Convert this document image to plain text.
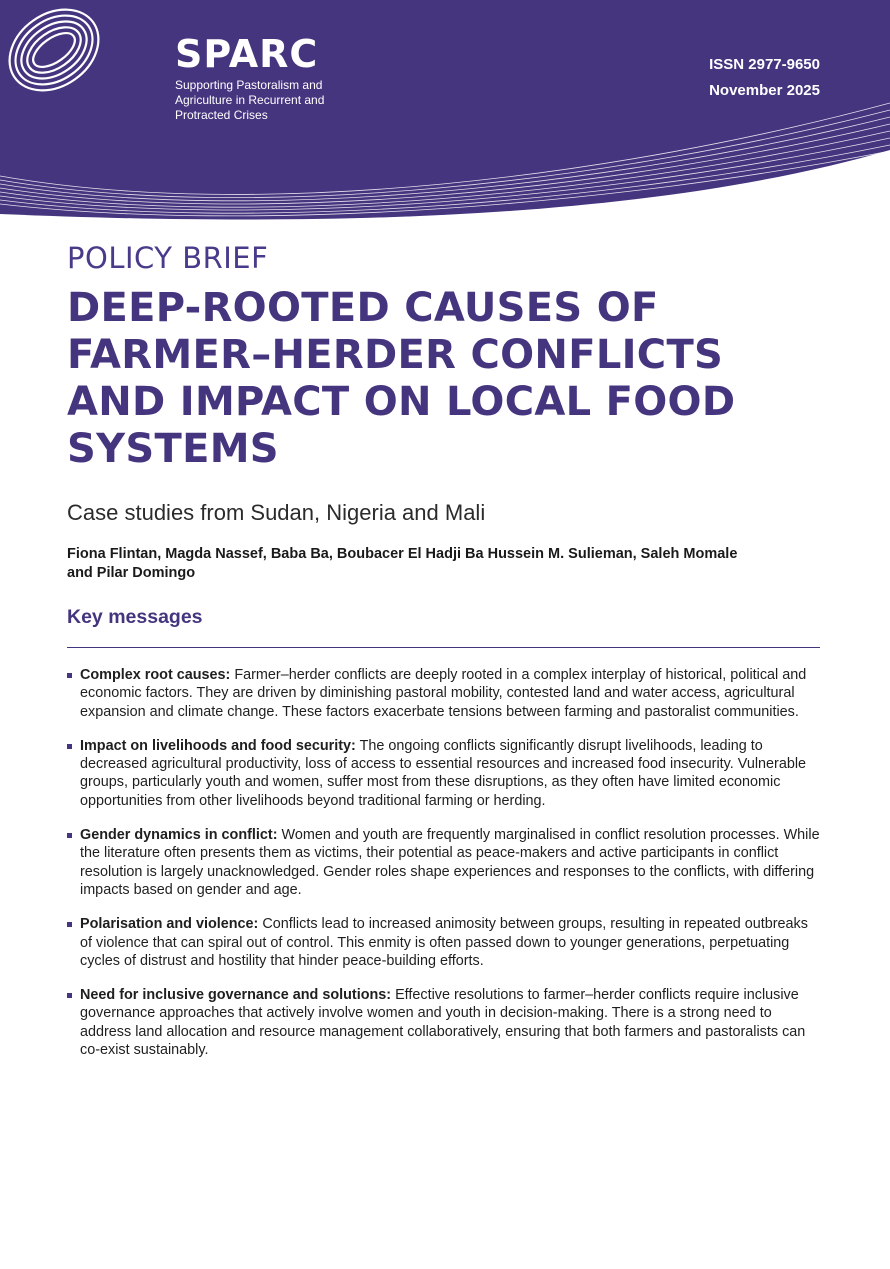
SPARC
Supporting Pastoralism and Agriculture in Recurrent and Protracted Crises
ISSN 2977-9650
November 2025
POLICY BRIEF
DEEP-ROOTED CAUSES OF FARMER–HERDER CONFLICTS AND IMPACT ON LOCAL FOOD SYSTEMS
Case studies from Sudan, Nigeria and Mali
Fiona Flintan, Magda Nassef, Baba Ba, Boubacer El Hadji Ba Hussein M. Sulieman, Saleh Momale and Pilar Domingo
Key messages
Complex root causes: Farmer–herder conflicts are deeply rooted in a complex interplay of historical, political and economic factors. They are driven by diminishing pastoral mobility, contested land and water access, agricultural expansion and climate change. These factors exacerbate tensions between farming and pastoralist communities.
Impact on livelihoods and food security: The ongoing conflicts significantly disrupt livelihoods, leading to decreased agricultural productivity, loss of access to essential resources and increased food insecurity. Vulnerable groups, particularly youth and women, suffer most from these disruptions, as they often have limited economic opportunities from other livelihoods beyond traditional farming or herding.
Gender dynamics in conflict: Women and youth are frequently marginalised in conflict resolution processes. While the literature often presents them as victims, their potential as peace-makers and active participants in conflict resolution is largely unacknowledged. Gender roles shape experiences and responses to the conflicts, with differing impacts based on gender and age.
Polarisation and violence: Conflicts lead to increased animosity between groups, resulting in repeated outbreaks of violence that can spiral out of control. This enmity is often passed down to younger generations, perpetuating cycles of distrust and hostility that hinder peace-building efforts.
Need for inclusive governance and solutions: Effective resolutions to farmer–herder conflicts require inclusive governance approaches that actively involve women and youth in decision-making. There is a strong need to address land allocation and resource management collaboratively, ensuring that both farmers and pastoralists can co-exist sustainably.
